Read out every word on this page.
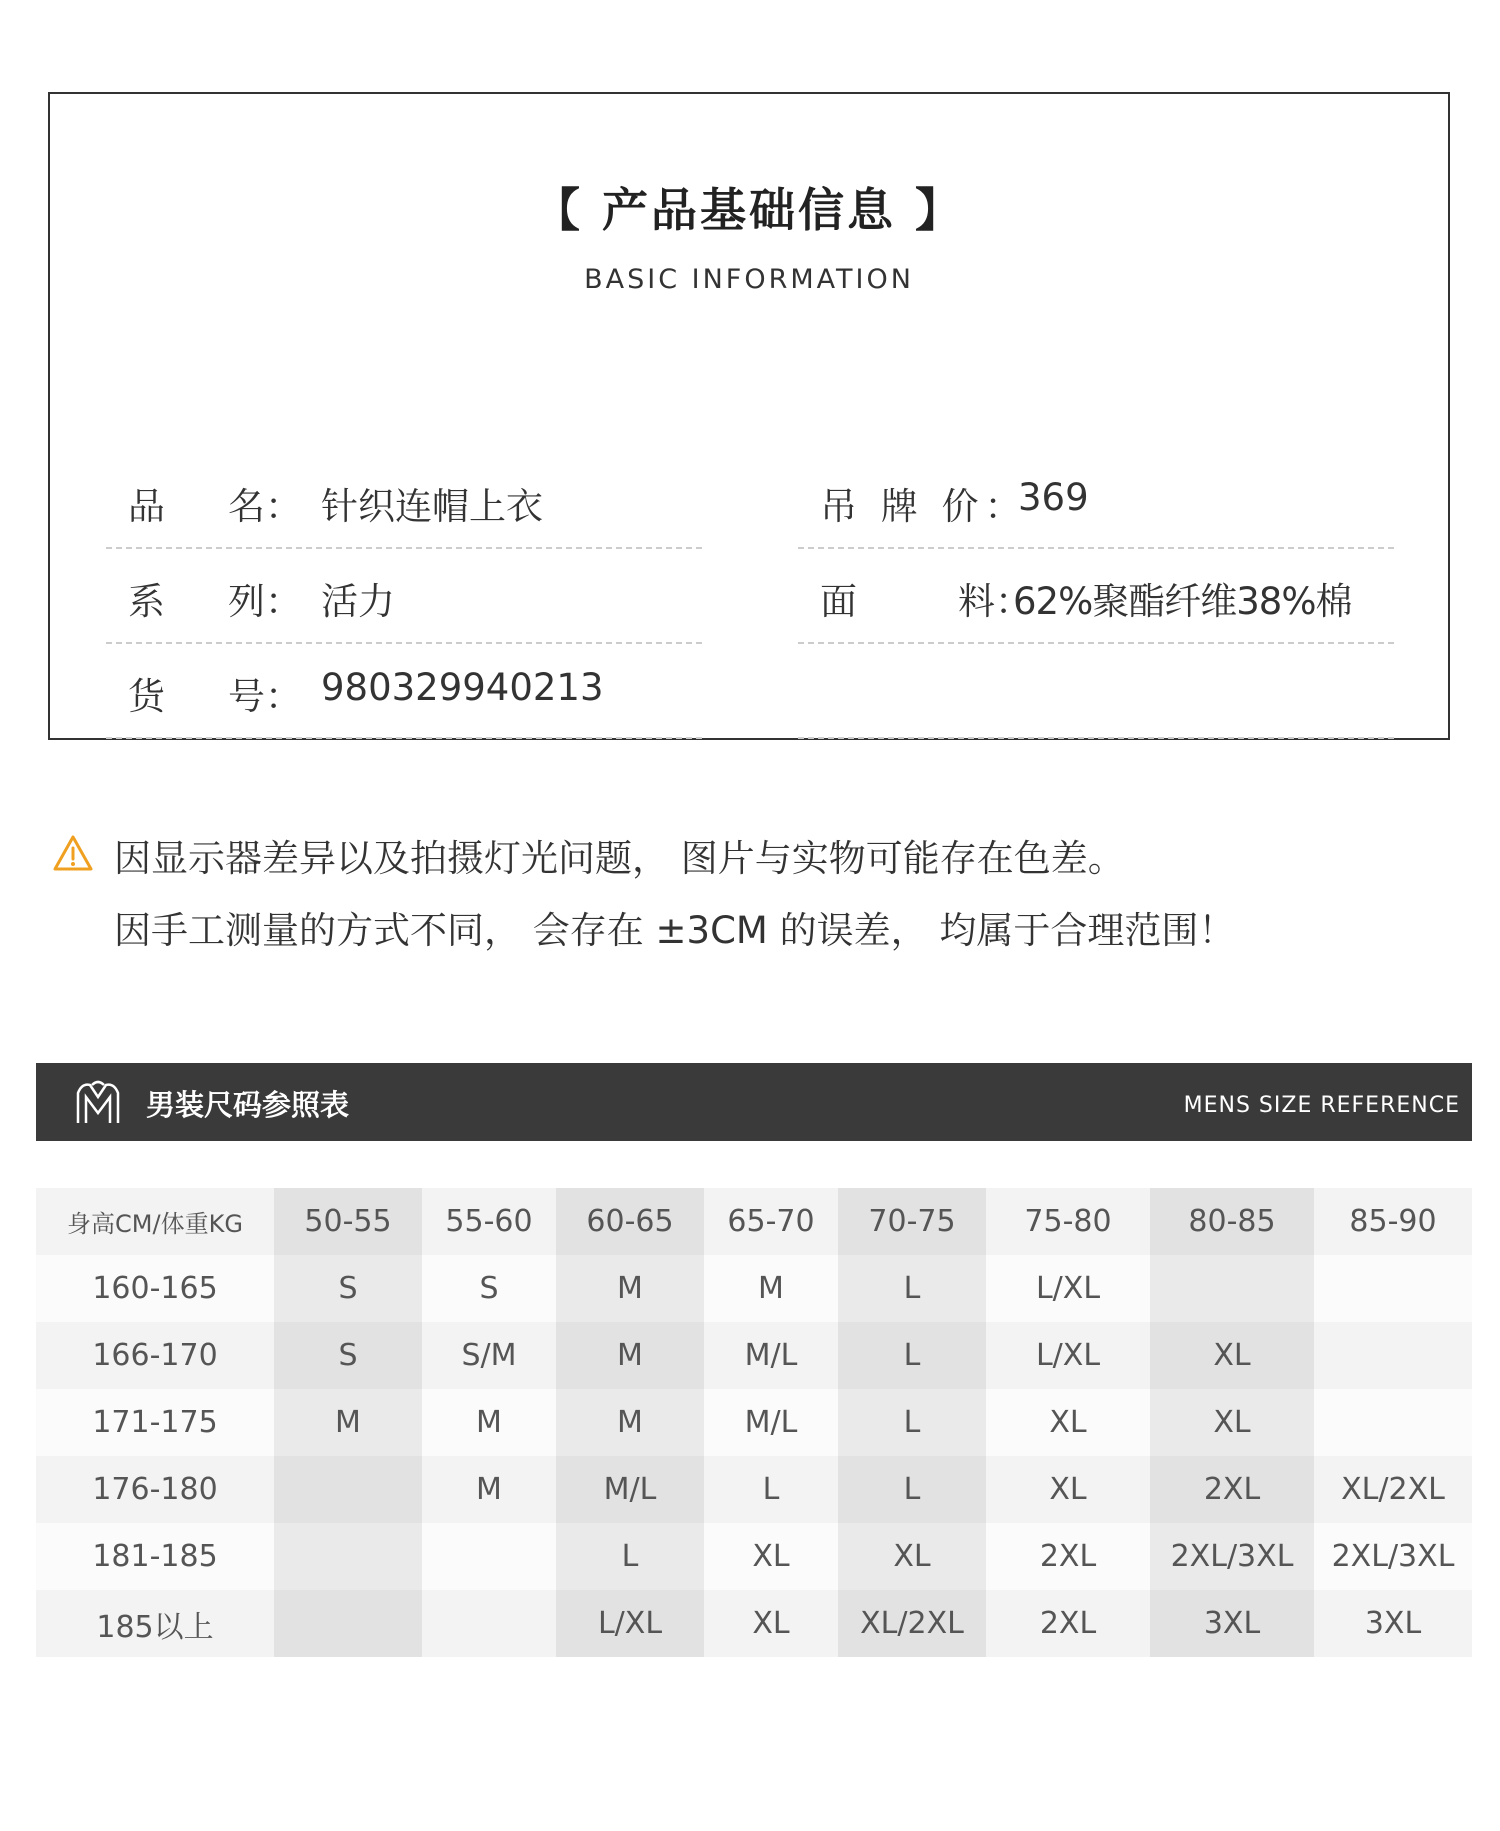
【 产品基础信息 】
BASIC INFORMATION
品 名： 针织连帽上衣
系 列： 活力
货 号： 980329940213
吊 牌 价：
369
面	料：
62%聚酯纤维38%棉
因显示器差异以及拍摄灯光问题， 图片与实物可能存在色差。
因手工测量的方式不同， 会存在 ±3CM 的误差， 均属于合理范围！
男装尺码参照表	MENS SIZE REFERENCE
身高CM/体重KG	50-55	55-60	60-65	65-70	70-75	75-80	80-85	85-90
160-165	S	S	M	M	L	L/XL		
166-170	S	S/M	M	M/L	L	L/XL	XL	
171-175	M	M	M	M/L	L	XL	XL	
176-180		M	M/L	L	L	XL	2XL	XL/2XL
181-185			L	XL	XL	2XL	2XL/3XL	2XL/3XL
185以上			L/XL	XL	XL/2XL	2XL	3XL	3XL
